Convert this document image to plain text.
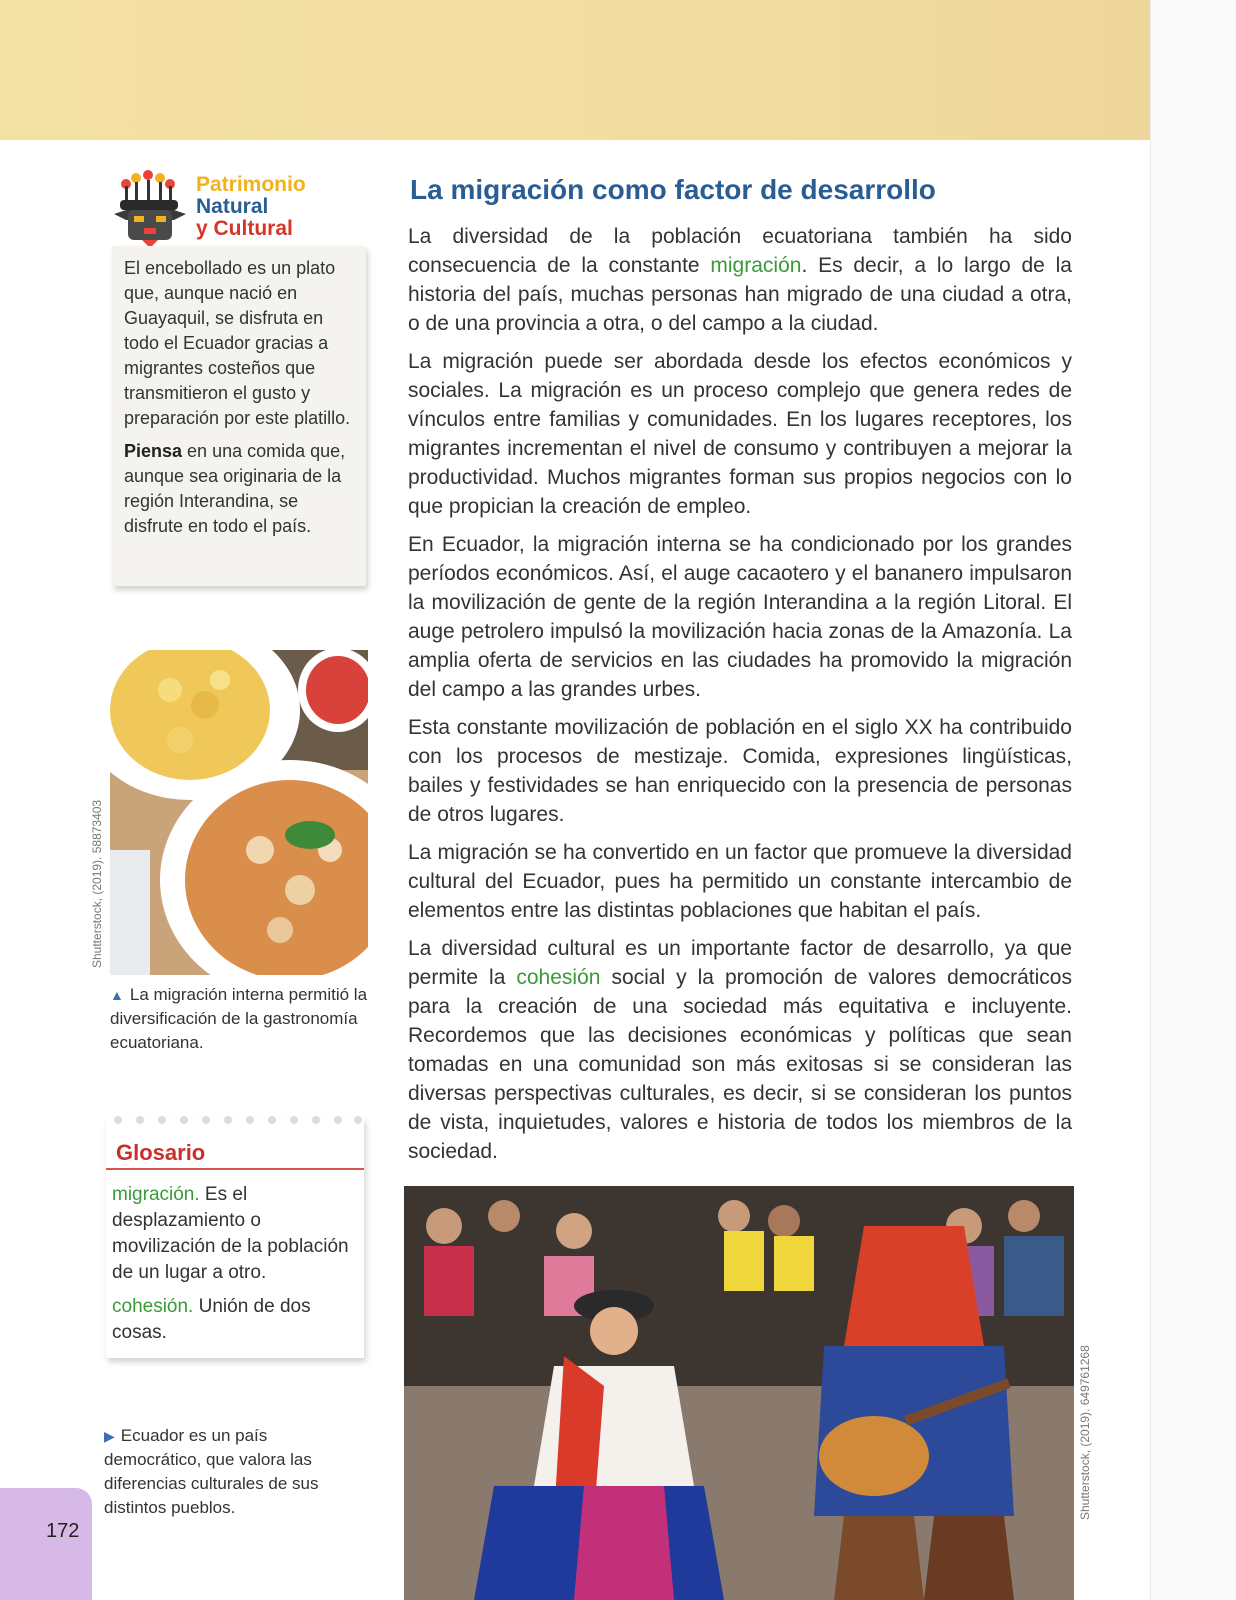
Patrimonio
Natural
y Cultural

El encebollado es un plato que, aunque nació en Guayaquil, se disfruta en todo el Ecuador gracias a migrantes costeños que transmitieron el gusto y preparación por este platillo.

Piensa en una comida que, aunque sea originaria de la región Interandina, se disfrute en todo el país.

Shutterstock, (2019). 58873403
▲ La migración interna permitió la diversificación de la gastronomía ecuatoriana.
Glosario

migración. Es el desplazamiento o movilización de la población de un lugar a otro.

cohesión. Unión de dos cosas.

▶ Ecuador es un país democrático, que valora las diferencias culturales de sus distintos pueblos.
172
La migración como factor de desarrollo

La diversidad de la población ecuatoriana también ha sido consecuencia de la constante migración. Es decir, a lo largo de la historia del país, muchas personas han migrado de una ciudad a otra, o de una provincia a otra, o del campo a la ciudad.

La migración puede ser abordada desde los efectos económicos y sociales. La migración es un proceso complejo que genera redes de vínculos entre familias y comunidades. En los lugares receptores, los migrantes incrementan el nivel de consumo y contribuyen a mejorar la productividad. Muchos migrantes forman sus propios negocios con lo que propician la creación de empleo.

En Ecuador, la migración interna se ha condicionado por los grandes períodos económicos. Así, el auge cacaotero y el bananero impulsaron la movilización de gente de la región Interandina a la región Litoral. El auge petrolero impulsó la movilización hacia zonas de la Amazonía. La amplia oferta de servicios en las ciudades ha promovido la migración del campo a las grandes urbes.

Esta constante movilización de población en el siglo XX ha contribuido con los procesos de mestizaje. Comida, expresiones lingüísticas, bailes y festividades se han enriquecido con la presencia de personas de otros lugares.

La migración se ha convertido en un factor que promueve la diversidad cultural del Ecuador, pues ha permitido un constante intercambio de elementos entre las distintas poblaciones que habitan el país.

La diversidad cultural es un importante factor de desarrollo, ya que permite la cohesión social y la promoción de valores democráticos para la creación de una sociedad más equitativa e incluyente. Recordemos que las decisiones económicas y políticas que sean tomadas en una comunidad son más exitosas si se consideran las diversas perspectivas culturales, es decir, si se consideran los puntos de vista, inquietudes, valores e historia de todos los miembros de la sociedad.

Shutterstock, (2019). 649761268
